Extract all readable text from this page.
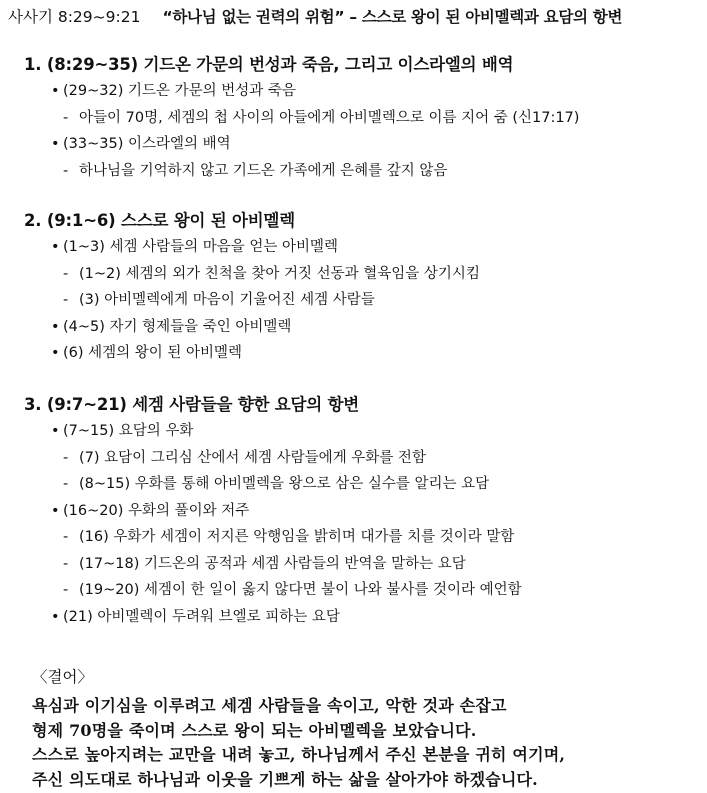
사사기 8:29~9:21 “하나님 없는 권력의 위험” – 스스로 왕이 된 아비멜렉과 요담의 항변
1. (8:29~35) 기드온 가문의 번성과 죽음, 그리고 이스라엘의 배역
• (29~32) 기드온 가문의 번성과 죽음
- 아들이 70명, 세겜의 첩 사이의 아들에게 아비멜렉으로 이름 지어 줌 (신17:17)
• (33~35) 이스라엘의 배역
- 하나님을 기억하지 않고 기드온 가족에게 은혜를 갚지 않음
2. (9:1~6) 스스로 왕이 된 아비멜렉
• (1~3) 세겜 사람들의 마음을 얻는 아비멜렉
- (1~2) 세겜의 외가 친척을 찾아 거짓 선동과 혈육임을 상기시킴
- (3) 아비멜렉에게 마음이 기울어진 세겜 사람들
• (4~5) 자기 형제들을 죽인 아비멜렉
• (6) 세겜의 왕이 된 아비멜렉
3. (9:7~21) 세겜 사람들을 향한 요담의 항변
• (7~15) 요담의 우화
- (7) 요담이 그리심 산에서 세겜 사람들에게 우화를 전함
- (8~15) 우화를 통해 아비멜렉을 왕으로 삼은 실수를 알리는 요담
• (16~20) 우화의 풀이와 저주
- (16) 우화가 세겜이 저지른 악행임을 밝히며 대가를 치를 것이라 말함
- (17~18) 기드온의 공적과 세겜 사람들의 반역을 말하는 요담
- (19~20) 세겜이 한 일이 옳지 않다면 불이 나와 불사를 것이라 예언함
• (21) 아비멜렉이 두려워 브엘로 피하는 요담
〈결어〉
욕심과 이기심을 이루려고 세겜 사람들을 속이고, 악한 것과 손잡고
형제 70명을 죽이며 스스로 왕이 되는 아비멜렉을 보았습니다.
스스로 높아지려는 교만을 내려 놓고, 하나님께서 주신 본분을 귀히 여기며,
주신 의도대로 하나님과 이웃을 기쁘게 하는 삶을 살아가야 하겠습니다.
